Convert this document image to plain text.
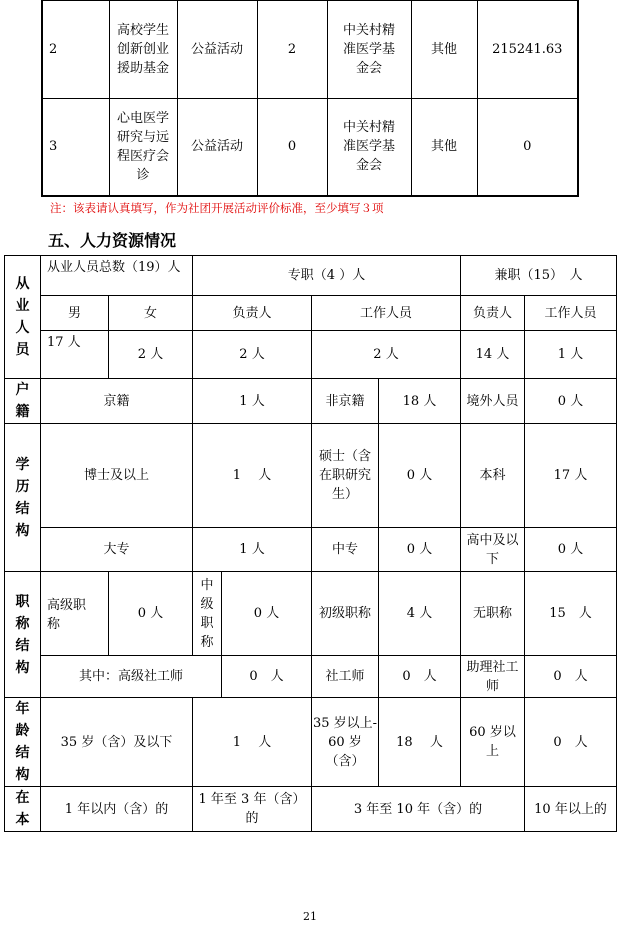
2	高校学生创新创业援助基金	公益活动	2	中关村精准医学基金会	其他	215241.63
3	心电医学研究与远程医疗会诊	公益活动	0	中关村精准医学基金会	其他	0
注：该表请认真填写，作为社团开展活动评价标准，至少填写３项
五、人力资源情况
从业人员	从业人员总数（19）人		专职（4 ）人				兼职（15）　人	
	男	女	负责人		工作人员		负责人	工作人员
	17 人	2 人	2 人		2 人		14 人	1 人
户籍	京籍		1 人		非京籍	18 人	境外人员	0 人
学历结构	博士及以上		1　 人		硕士（含在职研究生）	0 人	本科	17 人
	大专		1 人		中专	0 人	高中及以下	0 人
职称结构	高级职称	0 人	中级职称	0 人	初级职称	4 人	无职称	15　人
	其中：高级社工师			0　人	社工师	0　人	助理社工师	0　人
年龄结构	35 岁（含）及以下		1　 人		35 岁以上-60 岁（含）	18　 人	60 岁以上	0　人
在本	1 年以内（含）的		1 年至 3 年（含）的		3 年至 10 年（含）的			10 年以上的
21
